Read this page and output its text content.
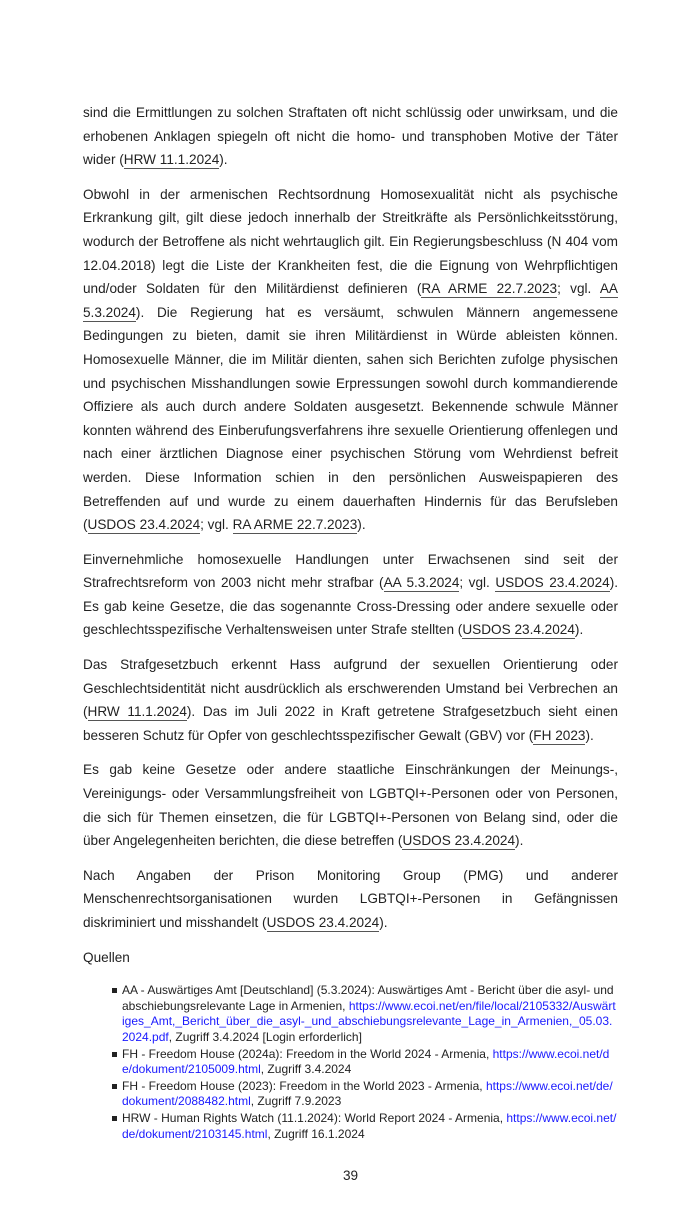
sind die Ermittlungen zu solchen Straftaten oft nicht schlüssig oder unwirksam, und die erhobenen Anklagen spiegeln oft nicht die homo- und transphoben Motive der Täter wider (HRW 11.1.2024).

Obwohl in der armenischen Rechtsordnung Homosexualität nicht als psychische Erkrankung gilt, gilt diese jedoch innerhalb der Streitkräfte als Persönlichkeitsstörung, wodurch der Betroffene als nicht wehrtauglich gilt. Ein Regierungsbeschluss (N 404 vom 12.04.2018) legt die Liste der Krankheiten fest, die die Eignung von Wehrpflichtigen und/oder Soldaten für den Militärdienst definieren (RA ARME 22.7.2023; vgl. AA 5.3.2024). Die Regierung hat es versäumt, schwulen Männern angemessene Bedingungen zu bieten, damit sie ihren Militärdienst in Würde ableisten können. Homosexuelle Männer, die im Militär dienten, sahen sich Berichten zufolge physischen und psychischen Misshandlungen sowie Erpressungen sowohl durch kommandierende Offiziere als auch durch andere Soldaten ausgesetzt. Bekennende schwule Männer konnten während des Einberufungsverfahrens ihre sexuelle Orientierung offenlegen und nach einer ärztlichen Diagnose einer psychischen Störung vom Wehrdienst befreit werden. Diese Information schien in den persönlichen Ausweispapieren des Betreffenden auf und wurde zu einem dauerhaften Hindernis für das Berufsleben (USDOS 23.4.2024; vgl. RA ARME 22.7.2023).

Einvernehmliche homosexuelle Handlungen unter Erwachsenen sind seit der Strafrechtsreform von 2003 nicht mehr strafbar (AA 5.3.2024; vgl. USDOS 23.4.2024). Es gab keine Gesetze, die das sogenannte Cross-Dressing oder andere sexuelle oder geschlechtsspezifische Verhaltensweisen unter Strafe stellten (USDOS 23.4.2024).

Das Strafgesetzbuch erkennt Hass aufgrund der sexuellen Orientierung oder Geschlechtsidentität nicht ausdrücklich als erschwerenden Umstand bei Verbrechen an (HRW 11.1.2024). Das im Juli 2022 in Kraft getretene Strafgesetzbuch sieht einen besseren Schutz für Opfer von geschlechtsspezifischer Gewalt (GBV) vor (FH 2023).

Es gab keine Gesetze oder andere staatliche Einschränkungen der Meinungs-, Vereinigungs- oder Versammlungsfreiheit von LGBTQI+-Personen oder von Personen, die sich für Themen einsetzen, die für LGBTQI+-Personen von Belang sind, oder die über Angelegenheiten berichten, die diese betreffen (USDOS 23.4.2024).

Nach Angaben der Prison Monitoring Group (PMG) und anderer Menschenrechtsorganisationen wurden LGBTQI+-Personen in Gefängnissen diskriminiert und misshandelt (USDOS 23.4.2024).

Quellen

AA - Auswärtiges Amt [Deutschland] (5.3.2024): Auswärtiges Amt - Bericht über die asyl- und abschiebungsrelevante Lage in Armenien, https://www.ecoi.net/en/file/local/2105332/Auswärtiges_Amt,_Bericht_über_die_asyl-_und_abschiebungsrelevante_Lage_in_Armenien,_05.03.2024.pdf, Zugriff 3.4.2024 [Login erforderlich]
FH - Freedom House (2024a): Freedom in the World 2024 - Armenia, https://www.ecoi.net/de/dokument/2105009.html, Zugriff 3.4.2024
FH - Freedom House (2023): Freedom in the World 2023 - Armenia, https://www.ecoi.net/de/dokument/2088482.html, Zugriff 7.9.2023
HRW - Human Rights Watch (11.1.2024): World Report 2024 - Armenia, https://www.ecoi.net/de/dokument/2103145.html, Zugriff 16.1.2024
39
